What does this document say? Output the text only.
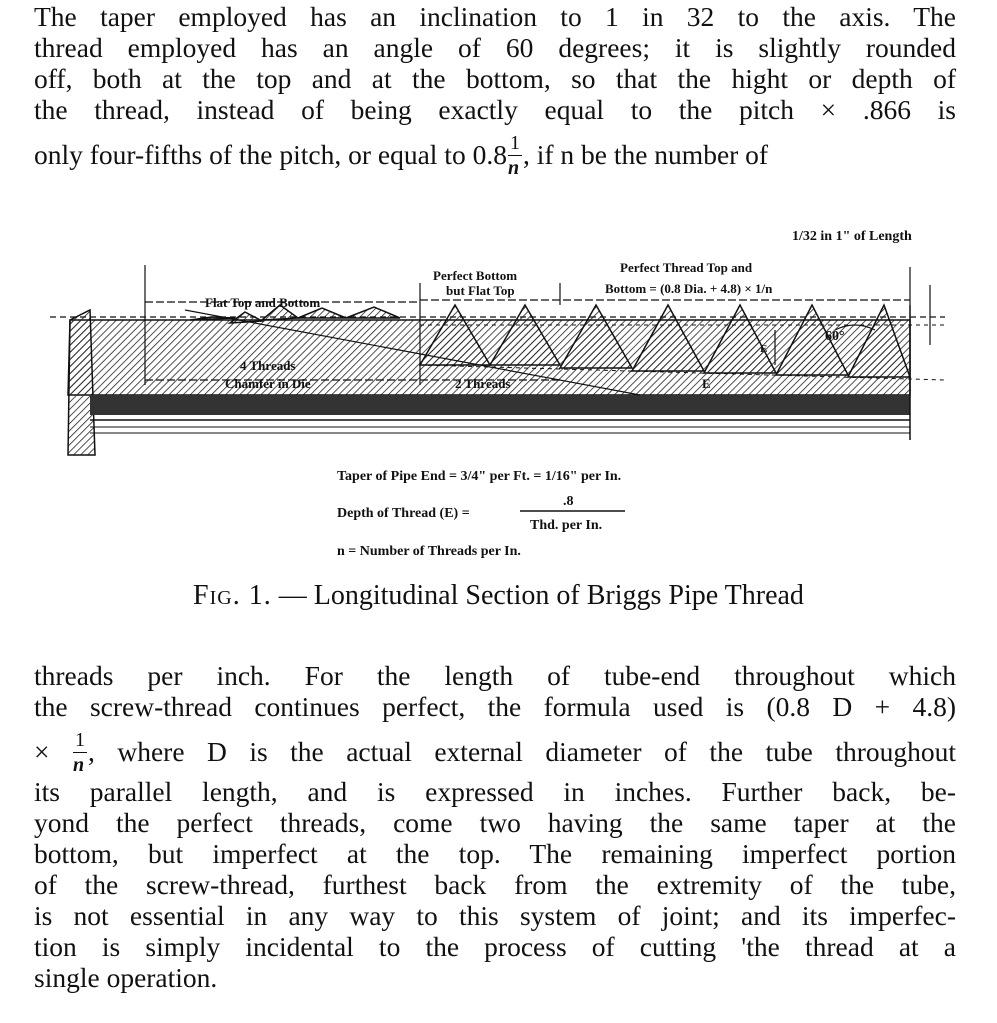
The taper employed has an inclination to 1 in 32 to the axis. The
thread employed has an angle of 60 degrees; it is slightly rounded
off, both at the top and at the bottom, so that the hight or depth of
the thread, instead of being exactly equal to the pitch × .866 is
only four-fifths of the pitch, or equal to $0.8 \frac{1}{n}$ , if n be the number of
1/32 in 1" of Length
Perfect Bottom
but Flat Top
Perfect Thread Top and
Bottom = (0.8 Dia. + 4.8) × 1/n
Flat Top and Bottom
4 Threads
Chamfer in Die	2 Threads
60°
E
E
Taper of Pipe End = 3/4" per Ft. = 1/16" per In.
Depth of Thread (E) =
.8
Thd. per In.
n = Number of Threads per In.
Fig. 1. — Longitudinal Section of Briggs Pipe Thread
threads per inch. For the length of tube-end throughout which
the screw-thread continues perfect, the formula used is (0.8 D + 4.8)
× $\frac{1}{n}$ , where D is the actual external diameter of the tube throughout
its parallel length, and is expressed in inches. Further back, be-
yond the perfect threads, come two having the same taper at the
bottom, but imperfect at the top. The remaining imperfect portion
of the screw-thread, furthest back from the extremity of the tube,
is not essential in any way to this system of joint; and its imperfec-
tion is simply incidental to the process of cutting 'the thread at a
single operation.
